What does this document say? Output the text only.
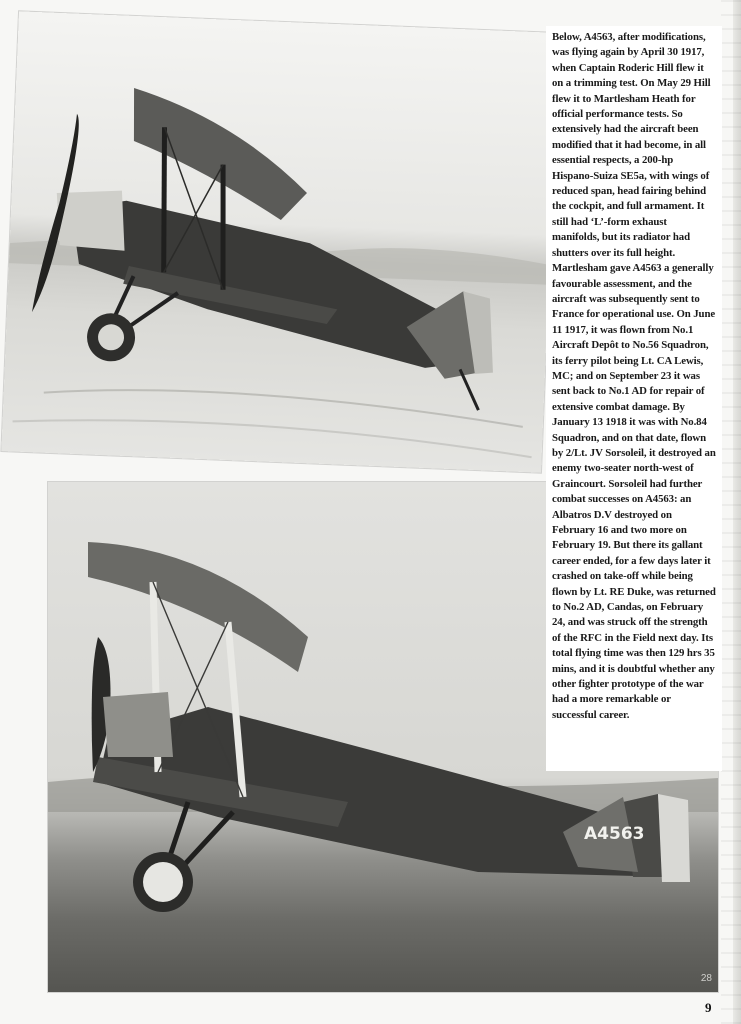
A4563
28
Below, A4563, after modifications, was flying again by April 30 1917, when Captain Roderic Hill flew it on a trimming test. On May 29 Hill flew it to Martlesham Heath for official performance tests. So extensively had the aircraft been modified that it had become, in all essential respects, a 200-hp Hispano-Suiza SE5a, with wings of reduced span, head fairing behind the cockpit, and full armament. It still had ‘L’-form exhaust manifolds, but its radiator had shutters over its full height. Martlesham gave A4563 a generally favourable assessment, and the aircraft was subsequently sent to France for operational use. On June 11 1917, it was flown from No.1 Aircraft Depôt to No.56 Squadron, its ferry pilot being Lt. CA Lewis, MC; and on September 23 it was sent back to No.1 AD for repair of extensive combat damage. By January 13 1918 it was with No.84 Squadron, and on that date, flown by 2/Lt. JV Sorsoleil, it destroyed an enemy two-seater north-west of Graincourt. Sorsoleil had further combat successes on A4563: an Albatros D.V destroyed on February 16 and two more on February 19. But there its gallant career ended, for a few days later it crashed on take-off while being flown by Lt. RE Duke, was returned to No.2 AD, Candas, on February 24, and was struck off the strength of the RFC in the Field next day. Its total flying time was then 129 hrs 35 mins, and it is doubtful whether any other fighter prototype of the war had a more remarkable or successful career.
9
